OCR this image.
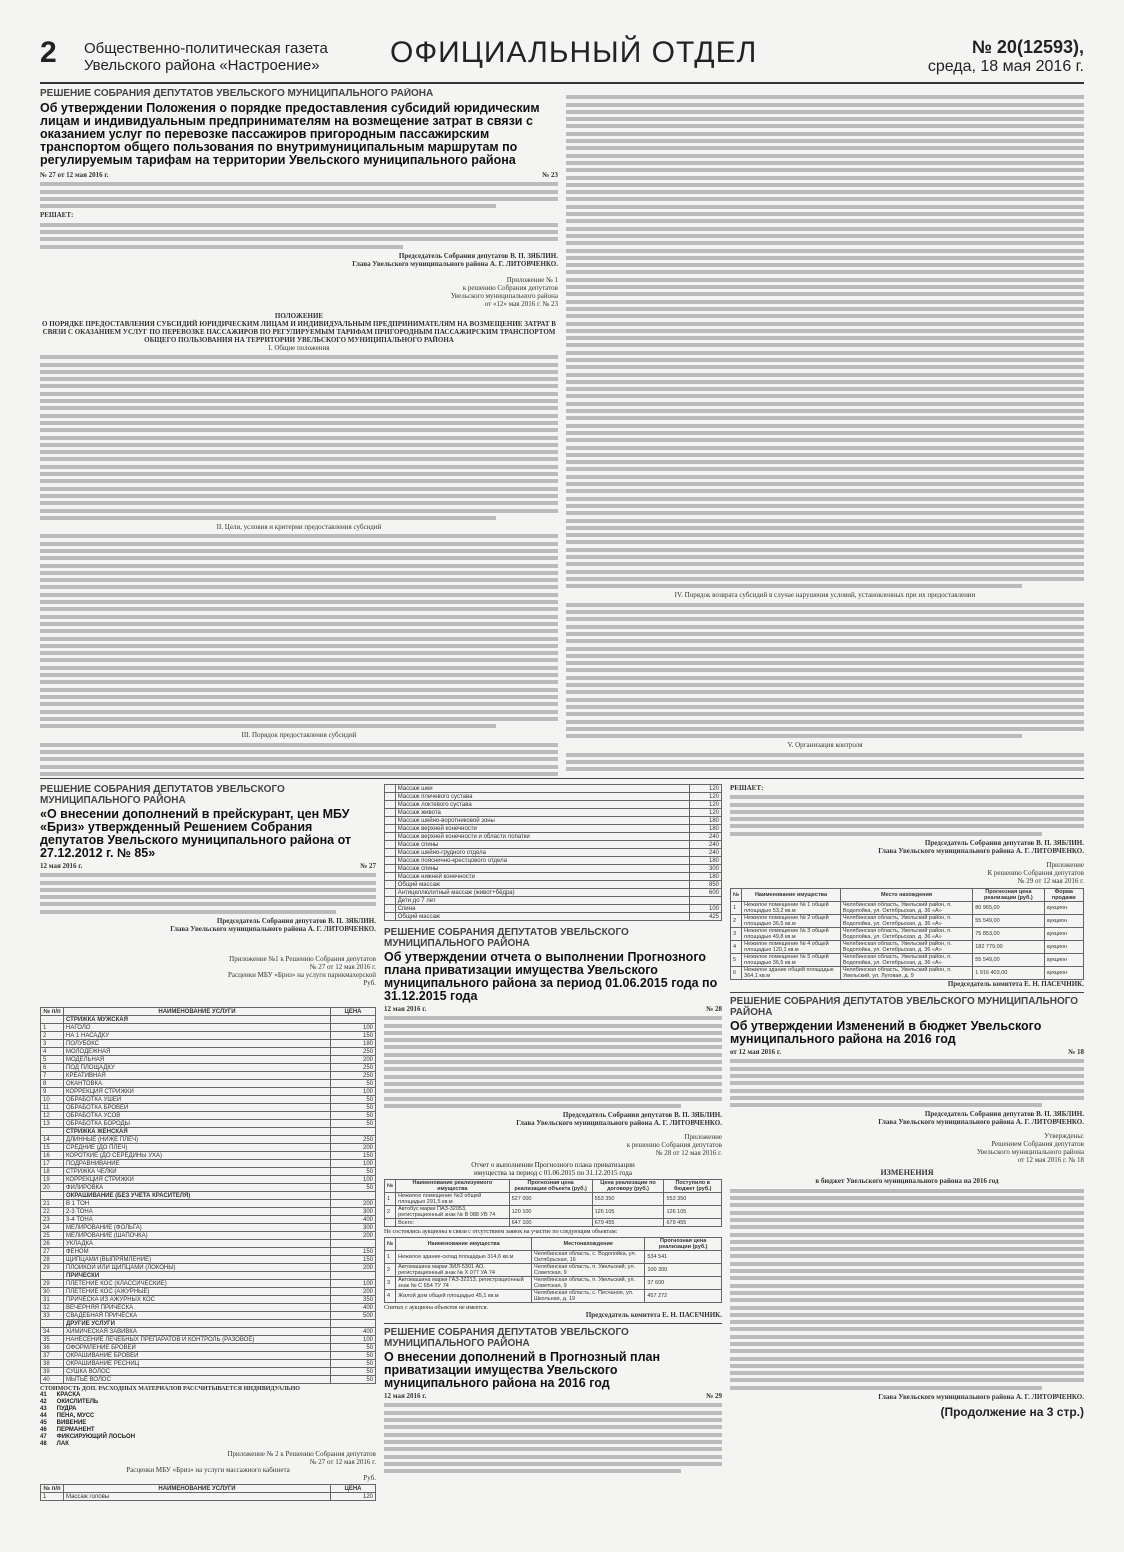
2 Общественно-политическая газета
Увельского района «Настроение»	ОФИЦИАЛЬНЫЙ ОТДЕЛ	№ 20(12593),
среда, 18 мая 2016 г.
РЕШЕНИЕ СОБРАНИЯ ДЕПУТАТОВ УВЕЛЬСКОГО МУНИЦИПАЛЬНОГО РАЙОНА
Об утверждении Положения о порядке предоставления субсидий юридическим лицам и индивидуальным предпринимателям на возмещение затрат в связи с оказанием услуг по перевозке пассажиров пригородным пассажирским транспортом общего пользования по внутримуниципальным маршрутам по регулируемым тарифам на территории Увельского муниципального района
№ 27 от 12 мая 2016 г.	№ 23
РЕШАЕТ:
Председатель Собрания депутатов В. П. ЗЯБЛИН.
Глава Увельского муниципального района А. Г. ЛИТОВЧЕНКО.
Приложение № 1
к решению Собрания депутатов
Увельского муниципального района
от «12» мая 2016 г. № 23
ПОЛОЖЕНИЕ
О ПОРЯДКЕ ПРЕДОСТАВЛЕНИЯ СУБСИДИЙ ЮРИДИЧЕСКИМ ЛИЦАМ И ИНДИВИДУАЛЬНЫМ ПРЕДПРИНИМАТЕЛЯМ НА ВОЗМЕЩЕНИЕ ЗАТРАТ В СВЯЗИ С ОКАЗАНИЕМ УСЛУГ ПО ПЕРЕВОЗКЕ ПАССАЖИРОВ ПО РЕГУЛИРУЕМЫМ ТАРИФАМ ПРИГОРОДНЫМ ПАССАЖИРСКИМ ТРАНСПОРТОМ ОБЩЕГО ПОЛЬЗОВАНИЯ НА ТЕРРИТОРИИ УВЕЛЬСКОГО МУНИЦИПАЛЬНОГО РАЙОНА
I. Общие положения
II. Цели, условия и критерии предоставления субсидий
III. Порядок предоставления субсидий
IV. Порядок возврата субсидий в случае нарушения условий, установленных при их предоставлении
V. Организация контроля
РЕШЕНИЕ СОБРАНИЯ ДЕПУТАТОВ УВЕЛЬСКОГО МУНИЦИПАЛЬНОГО РАЙОНА
«О внесении дополнений в прейскурант, цен МБУ «Бриз» утвержденный Решением Собрания депутатов Увельского муниципального района от 27.12.2012 г. № 85»
12 мая 2016 г.	№ 27
Председатель Собрания депутатов В. П. ЗЯБЛИН.
Глава Увельского муниципального района А. Г. ЛИТОВЧЕНКО.
Приложение №1 к Решению Собрания депутатов
№ 27 от 12 мая 2016 г.
Расценки МБУ «Бриз» на услуги парикмахерской
Руб.
№ п/п	НАИМЕНОВАНИЕ УСЛУГИ	ЦЕНА
	СТРИЖКА МУЖСКАЯ	
1	НАГОЛО	100
2	НА 1 НАСАДКУ	150
3	ПОЛУБОКС	180
4	МОЛОДЕЖНАЯ	250
5	МОДЕЛЬНАЯ	200
6	ПОД ПЛОЩАДКУ	250
7	КРЕАТИВНАЯ	250
8	ОКАНТОВКА	50
9	КОРРЕКЦИЯ СТРИЖКИ	100
10	ОБРАБОТКА УШЕЙ	50
11	ОБРАБОТКА БРОВЕЙ	50
12	ОБРАБОТКА УСОВ	50
13	ОБРАБОТКА БОРОДЫ	50
	СТРИЖКА ЖЕНСКАЯ	
14	ДЛИННЫЕ (НИЖЕ ПЛЕЧ)	250
15	СРЕДНИЕ (ДО ПЛЕЧ)	200
16	КОРОТКИЕ (ДО СЕРЕДИНЫ УХА)	150
17	ПОДРАВНИВАНИЕ	100
18	СТРИЖКА ЧЕЛКИ	50
19	КОРРЕКЦИЯ СТРИЖКИ	100
20	ФИЛИРОВКА	50
	ОКРАШИВАНИЕ (БЕЗ УЧЁТА КРАСИТЕЛЯ)	
21	В 1 ТОН	200
22	2-3 ТОНА	300
23	3-4 ТОНА	400
24	МЕЛИРОВАНИЕ (ФОЛЬГА)	300
25	МЕЛИРОВАНИЕ (ШАПОЧКА)	200
26	УКЛАДКА	
27	ФЕНОМ	150
28	ЩИПЦАМИ (ВЫПРЯМЛЕНИЕ)	150
29	ПЛОЙКОЙ ИЛИ ЩИПЦАМИ (ЛОКОНЫ)	200
	ПРИЧЕСКИ	
29	ПЛЕТЕНИЕ КОС (КЛАССИЧЕСКИЕ)	100
30	ПЛЕТЕНИЕ КОС (АЖУРНЫЕ)	200
31	ПРИЧЁСКА ИЗ АЖУРНЫХ КОС	350
32	ВЕЧЕРНЯЯ ПРИЧЁСКА	400
33	СВАДЕБНАЯ ПРИЧЁСКА	500
	ДРУГИЕ УСЛУГИ	
34	ХИМИЧЕСКАЯ ЗАВИВКА	400
35	НАНЕСЕНИЕ ЛЕЧЕБНЫХ ПРЕПАРАТОВ И КОНТРОЛЬ (РАЗОВОЕ)	100
36	ОФОРМЛЕНИЕ БРОВЕЙ	50
37	ОКРАШИВАНИЕ БРОВЕЙ	50
38	ОКРАШИВАНИЕ РЕСНИЦ	50
39	СУШКА ВОЛОС	50
40	МЫТЬЁ ВОЛОС	50
СТОИМОСТЬ ДОП. РАСХОДНЫХ МАТЕРИАЛОВ РАССЧИТЫВАЕТСЯ ИНДИВИДУАЛЬНО
41      КРАСКА
42      ОКИСЛИТЕЛЬ
43      ПУДРА
44      ПЕНА, МУСС
45      ВИВЕНИЕ
46      ПЕРМАНЕНТ
47      ФИКСИРУЮЩИЙ ЛОСЬОН
48      ЛАК
Приложение № 2 к Решению Собрания депутатов
№ 27 от 12 мая 2016 г.
Расценки МБУ «Бриз» на услуги массажного кабинета
Руб.
№ п/п	НАИМЕНОВАНИЕ УСЛУГИ	ЦЕНА
1	Массаж головы	120
	Массаж шеи	120
	Массаж плечевого сустава	120
	Массаж локтевого сустава	120
	Массаж живота	120
	Массаж шейно-воротниковой зоны	180
	Массаж верхней конечности	180
	Массаж верхней конечности и области лопатки	240
	Массаж спины	240
	Массаж шейно-грудного отдела	240
	Массаж пояснично-крестцового отдела	180
	Массаж спины	300
	Массаж нижней конечности	180
	Общий массаж	850
	Антицеллюлитный массаж (живот+бёдра)	600
	Дети до 7 лет	
	Спина	100
	Общий массаж	425
РЕШЕНИЕ СОБРАНИЯ ДЕПУТАТОВ УВЕЛЬСКОГО МУНИЦИПАЛЬНОГО РАЙОНА
Об утверждении отчета о выполнении Прогнозного плана приватизации имущества Увельского муниципального района за период 01.06.2015 года по 31.12.2015 года
12 мая 2016 г.	№ 28
Председатель Собрания депутатов В. П. ЗЯБЛИН.
Глава Увельского муниципального района А. Г. ЛИТОВЧЕНКО.
Приложение
к решению Собрания депутатов
№ 28 от 12 мая 2016 г.
Отчет о выполнении Прогнозного плана приватизации
имущества за период с 01.06.2015 по 31.12.2015 года
№	Наименование реализуемого имущества	Прогнозная цена реализации объекта (руб.)	Цена реализации по договору (руб.)	Поступило в бюджет (руб.)
1	Нежилое помещение №3 общей площадью 291,5 кв.м	527 000	553 350	553 350
2	Автобус марки ПАЗ-32053, регистрационный знак № В 088 УВ 74	120 100	126 105	126 105
	Всего:	647 100	679 455	679 455
Не состоялись аукционы в связи с отсутствием заявок на участие по следующим объектам:
№	Наименование имущества	Местонахождение	Прогнозная цена реализации (руб.)
1	Нежилое здание-склад площадью 314,6 кв.м	Челябинская область, с. Водопойка, ул. Октябрьская, 16	534 541
2	Автомашина марки ЗИЛ-5301 АО, регистрационный знак № Х 077 УА 74	Челябинская область, п. Увельский, ул. Советская, 9	100 300
3	Автомашина марки ГАЗ-32213, регистрационный знак № С 654 ТУ 74	Челябинская область, п. Увельский, ул. Советская, 9	37 600
4	Жилой дом общей площадью 45,1 кв.м	Челябинская область, с. Песчаное, ул. Школьная, д. 19	457 272
Снятых с аукциона объектов не имеется.
Председатель комитета Е. Н. ПАСЕЧНИК.
РЕШЕНИЕ СОБРАНИЯ ДЕПУТАТОВ УВЕЛЬСКОГО МУНИЦИПАЛЬНОГО РАЙОНА
О внесении дополнений в Прогнозный план приватизации имущества Увельского муниципального района на 2016 год
12 мая 2016 г.	№ 29
РЕШАЕТ:
Председатель Собрания депутатов В. П. ЗЯБЛИН.
Глава Увельского муниципального района А. Г. ЛИТОВЧЕНКО.
Приложение
К решению Собрания депутатов
№ 29 от 12 мая 2016 г.
№	Наименование имущества	Место нахождения	Прогнозная цена реализации (руб.)	Форма продажи
1	Нежилое помещение № 1 общей площадью 53,2 кв.м	Челябинская область, Увельский район, п. Водопойка, ул. Октябрьская, д. 36 «А»	80 965,00	аукцион
2	Нежилое помещение № 2 общей площадью 36,5 кв.м	Челябинская область, Увельский район, п. Водопойка, ул. Октябрьская, д. 36 «А»	55 549,00	аукцион
3	Нежилое помещение № 3 общей площадью 49,8 кв.м	Челябинская область, Увельский район, п. Водопойка, ул. Октябрьская, д. 36 «А»	75 853,00	аукцион
4	Нежилое помещение № 4 общей площадью 120,1 кв.м	Челябинская область, Увельский район, п. Водопойка, ул. Октябрьская, д. 36 «А»	182 779,00	аукцион
5	Нежилое помещение № 5 общей площадью 36,5 кв.м	Челябинская область, Увельский район, п. Водопойка, ул. Октябрьская, д. 36 «А»	55 549,00	аукцион
6	Нежилое здание общей площадью 364,1 кв.м	Челябинская область, Увельский район, п. Увельский, ул. Луговая, д. 9	1 916 403,00	аукцион
Председатель комитета Е. Н. ПАСЕЧНИК.
РЕШЕНИЕ СОБРАНИЯ ДЕПУТАТОВ УВЕЛЬСКОГО МУНИЦИПАЛЬНОГО РАЙОНА
Об утверждении Изменений в бюджет Увельского муниципального района на 2016 год
от 12 мая 2016 г.	№ 18
Председатель Собрания депутатов В. П. ЗЯБЛИН.
Глава Увельского муниципального района А. Г. ЛИТОВЧЕНКО.
Утверждены:
Решением Собрания депутатов
Увельского муниципального района
от 12 мая 2016 г. № 18
ИЗМЕНЕНИЯ
в бюджет Увельского муниципального района на 2016 год
Глава Увельского муниципального района А. Г. ЛИТОВЧЕНКО.
(Продолжение на 3 стр.)
